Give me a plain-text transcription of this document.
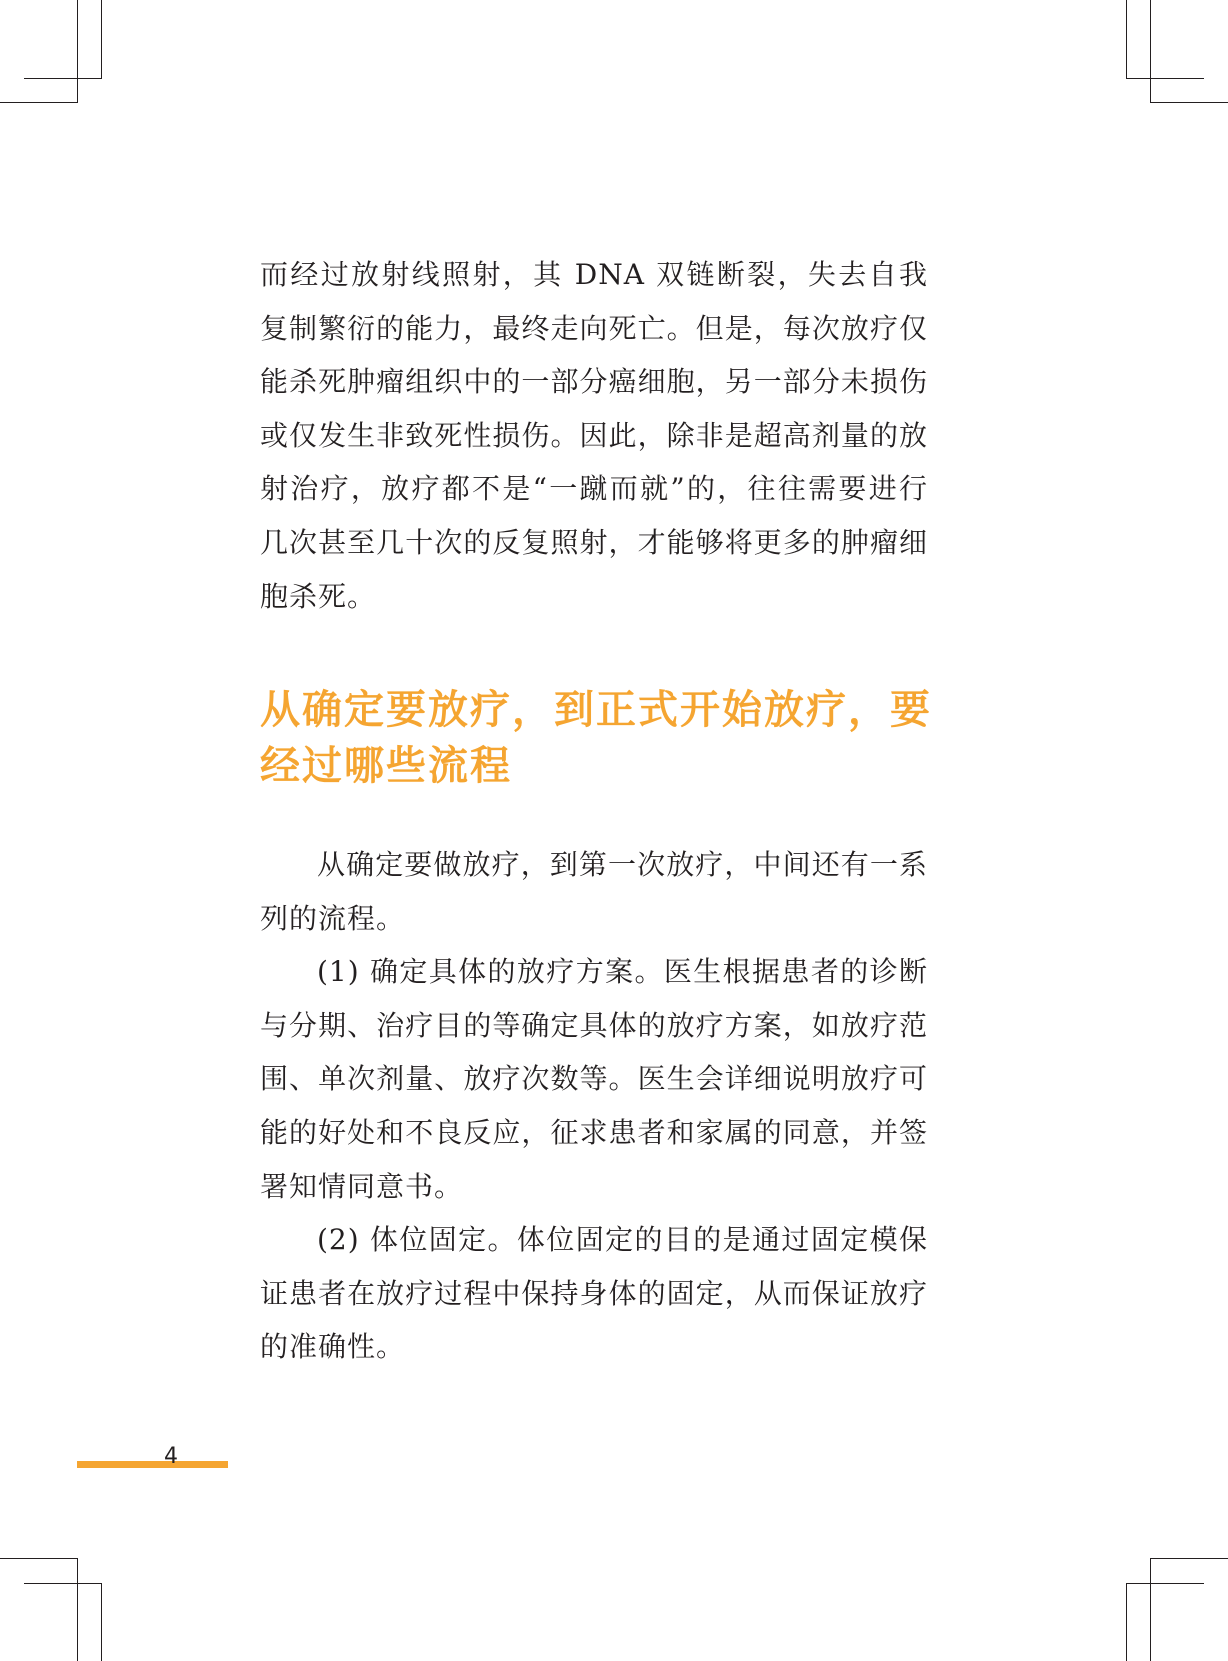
而经过放射线照射，其 DNA 双链断裂，失去自我复制繁衍的能力，最终走向死亡。但是，每次放疗仅能杀死肿瘤组织中的一部分癌细胞，另一部分未损伤或仅发生非致死性损伤。因此，除非是超高剂量的放射治疗，放疗都不是“一蹴而就”的，往往需要进行几次甚至几十次的反复照射，才能够将更多的肿瘤细胞杀死。

从确定要放疗，到正式开始放疗，要经过哪些流程

从确定要做放疗，到第一次放疗，中间还有一系列的流程。

(1) 确定具体的放疗方案。医生根据患者的诊断与分期、治疗目的等确定具体的放疗方案，如放疗范围、单次剂量、放疗次数等。医生会详细说明放疗可能的好处和不良反应，征求患者和家属的同意，并签署知情同意书。

(2) 体位固定。体位固定的目的是通过固定模保证患者在放疗过程中保持身体的固定，从而保证放疗的准确性。

4
